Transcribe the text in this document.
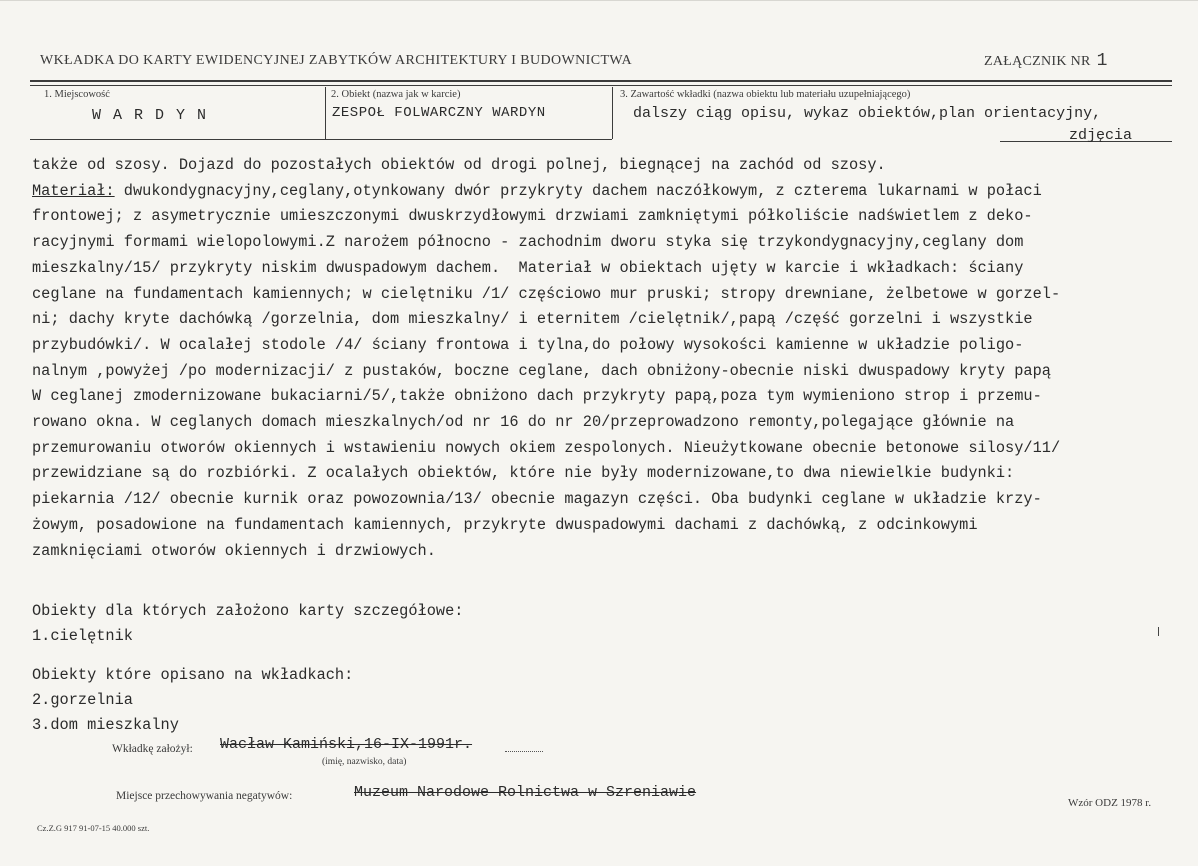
WKŁADKA DO KARTY EWIDENCYJNEJ ZABYTKÓW ARCHITEKTURY I BUDOWNICTWA	ZAŁĄCZNIK NR 1
1. Miejscowość
WARDYN
2. Obiekt (nazwa jak w karcie)
ZESPOŁ FOLWARCZNY WARDYN
3. Zawartość wkładki (nazwa obiektu lub materiału uzupełniającego)
dalszy ciąg opisu, wykaz obiektów,plan orientacyjny,
zdjęcia
także od szosy. Dojazd do pozostałych obiektów od drogi polnej, biegnącej na zachód od szosy.
Materiał: dwukondygnacyjny,ceglany,otynkowany dwór przykryty dachem naczółkowym, z czterema lukarnami w połaci
frontowej; z asymetrycznie umieszczonymi dwuskrzydłowymi drzwiami zamkniętymi półkoliście nadświetlem z deko-
racyjnymi formami wielopolowymi.Z narożem północno - zachodnim dworu styka się trzykondygnacyjny,ceglany dom
mieszkalny/15/ przykryty niskim dwuspadowym dachem.  Materiał w obiektach ujęty w karcie i wkładkach: ściany
ceglane na fundamentach kamiennych; w cielętniku /1/ częściowo mur pruski; stropy drewniane, żelbetowe w gorzel-
ni; dachy kryte dachówką /gorzelnia, dom mieszkalny/ i eternitem /cielętnik/,papą /część gorzelni i wszystkie
przybudówki/. W ocalałej stodole /4/ ściany frontowa i tylna,do połowy wysokości kamienne w układzie poligo-
nalnym ,powyżej /po modernizacji/ z pustaków, boczne ceglane, dach obniżony-obecnie niski dwuspadowy kryty papą
W ceglanej zmodernizowane bukaciarni/5/,także obniżono dach przykryty papą,poza tym wymieniono strop i przemu-
rowano okna. W ceglanych domach mieszkalnych/od nr 16 do nr 20/przeprowadzono remonty,polegające głównie na
przemurowaniu otworów okiennych i wstawieniu nowych okiem zespolonych. Nieużytkowane obecnie betonowe silosy/11/
przewidziane są do rozbiórki. Z ocalałych obiektów, które nie były modernizowane,to dwa niewielkie budynki:
piekarnia /12/ obecnie kurnik oraz powozownia/13/ obecnie magazyn części. Oba budynki ceglane w układzie krzy-
żowym, posadowione na fundamentach kamiennych, przykryte dwuspadowymi dachami z dachówką, z odcinkowymi
zamknięciami otworów okiennych i drzwiowych.
Obiekty dla których założono karty szczegółowe:
1.cielętnik
Obiekty które opisano na wkładkach:
2.gorzelnia
3.dom mieszkalny
Wkładkę założył: Wacław Kamiński,16-IX-1991r.
(imię, nazwisko, data)
Miejsce przechowywania negatywów:	Muzeum Narodowe Rolnictwa w Szreniawie
Wzór ODZ 1978 r.
Cz.Z.G 917 91-07-15 40.000 szt.
